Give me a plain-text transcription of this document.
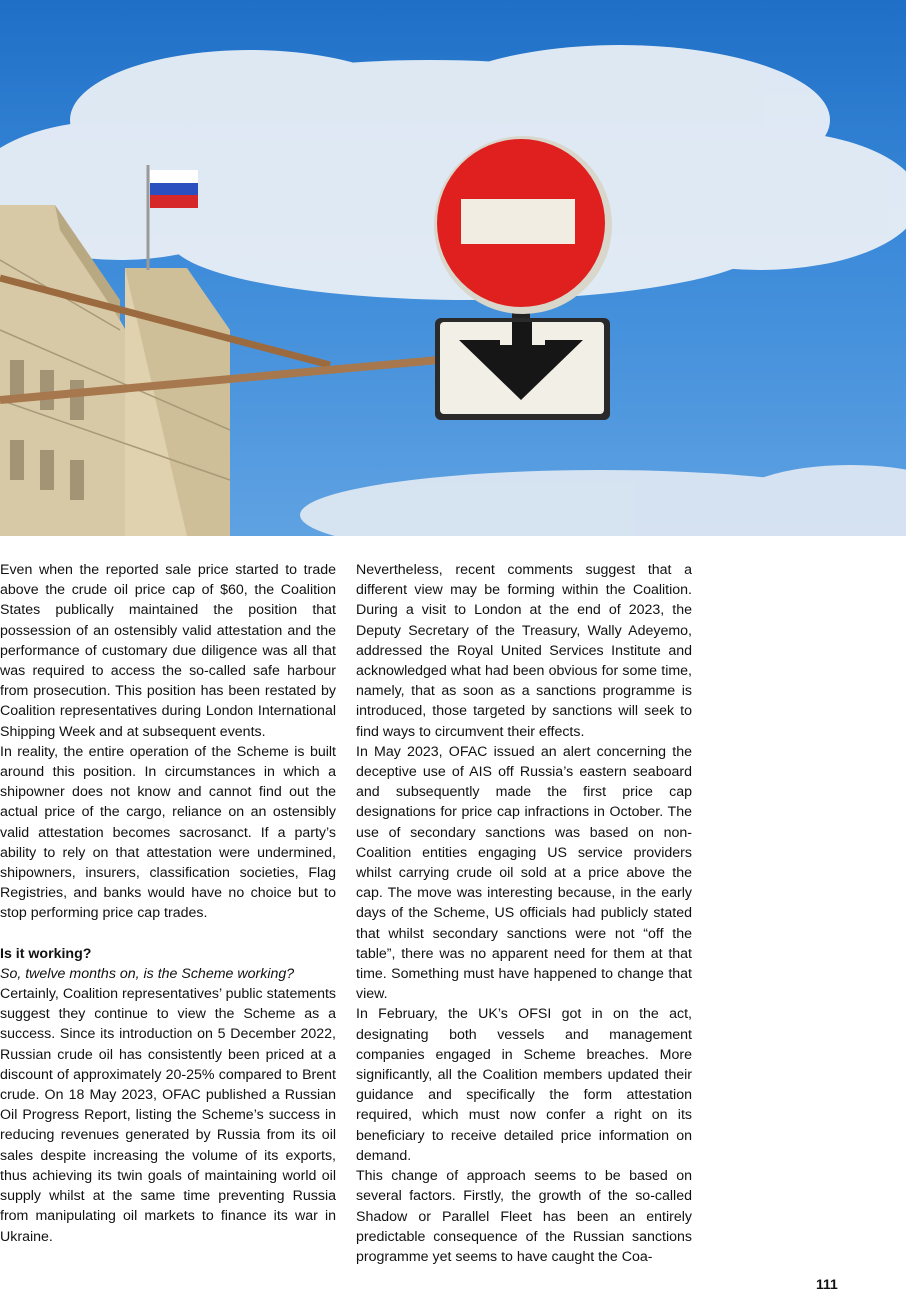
Even when the reported sale price started to trade above the crude oil price cap of $60, the Coalition States publically maintained the position that possession of an ostensibly valid attestation and the performance of customary due diligence was all that was required to access the so-called safe harbour from prosecution. This position has been restated by Coalition representatives during London International Shipping Week and at subsequent events.

In reality, the entire operation of the Scheme is built around this position. In circumstances in which a shipowner does not know and cannot find out the actual price of the cargo, reliance on an ostensibly valid attestation becomes sacrosanct. If a party’s ability to rely on that attestation were undermined, shipowners, insurers, classification societies, Flag Registries, and banks would have no choice but to stop performing price cap trades.

Is it working?

So, twelve months on, is the Scheme working?

Certainly, Coalition representatives’ public statements suggest they continue to view the Scheme as a success. Since its introduction on 5 December 2022, Russian crude oil has consistently been priced at a discount of approximately 20-25% compared to Brent crude. On 18 May 2023, OFAC published a Russian Oil Progress Report, listing the Scheme’s success in reducing revenues generated by Russia from its oil sales despite increasing the volume of its exports, thus achieving its twin goals of maintaining world oil supply whilst at the same time preventing Russia from manipulating oil markets to finance its war in Ukraine.

Nevertheless, recent comments suggest that a different view may be forming within the Coalition. During a visit to London at the end of 2023, the Deputy Secretary of the Treasury, Wally Adeyemo, addressed the Royal United Services Institute and acknowledged what had been obvious for some time, namely, that as soon as a sanctions programme is introduced, those targeted by sanctions will seek to find ways to circumvent their effects.

In May 2023, OFAC issued an alert concerning the deceptive use of AIS off Russia’s eastern seaboard and subsequently made the first price cap designations for price cap infractions in October. The use of secondary sanctions was based on non-Coalition entities engaging US service providers whilst carrying crude oil sold at a price above the cap. The move was interesting because, in the early days of the Scheme, US officials had publicly stated that whilst secondary sanctions were not “off the table”, there was no apparent need for them at that time. Something must have happened to change that view.

In February, the UK’s OFSI got in on the act, designating both vessels and management companies engaged in Scheme breaches. More significantly, all the Coalition members updated their guidance and specifically the form attestation required, which must now confer a right on its beneficiary to receive detailed price information on demand.

This change of approach seems to be based on several factors. Firstly, the growth of the so-called Shadow or Parallel Fleet has been an entirely predictable consequence of the Russian sanctions programme yet seems to have caught the Coa-

111
